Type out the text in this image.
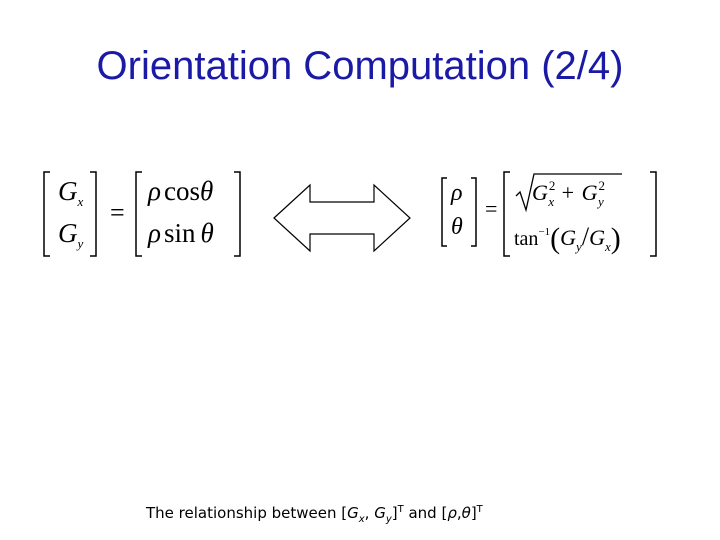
Orientation Computation (2/4)
$G_x$
$G_y$
=
ρ cosθ
ρ sin θ
ρ
θ
=
$G^2_x + G^2_y$
$\tan^{-1}(G_y/G_x)$
The relationship between [$G_x$, $G_y]^T$ and $[\rho,\theta]^T$
